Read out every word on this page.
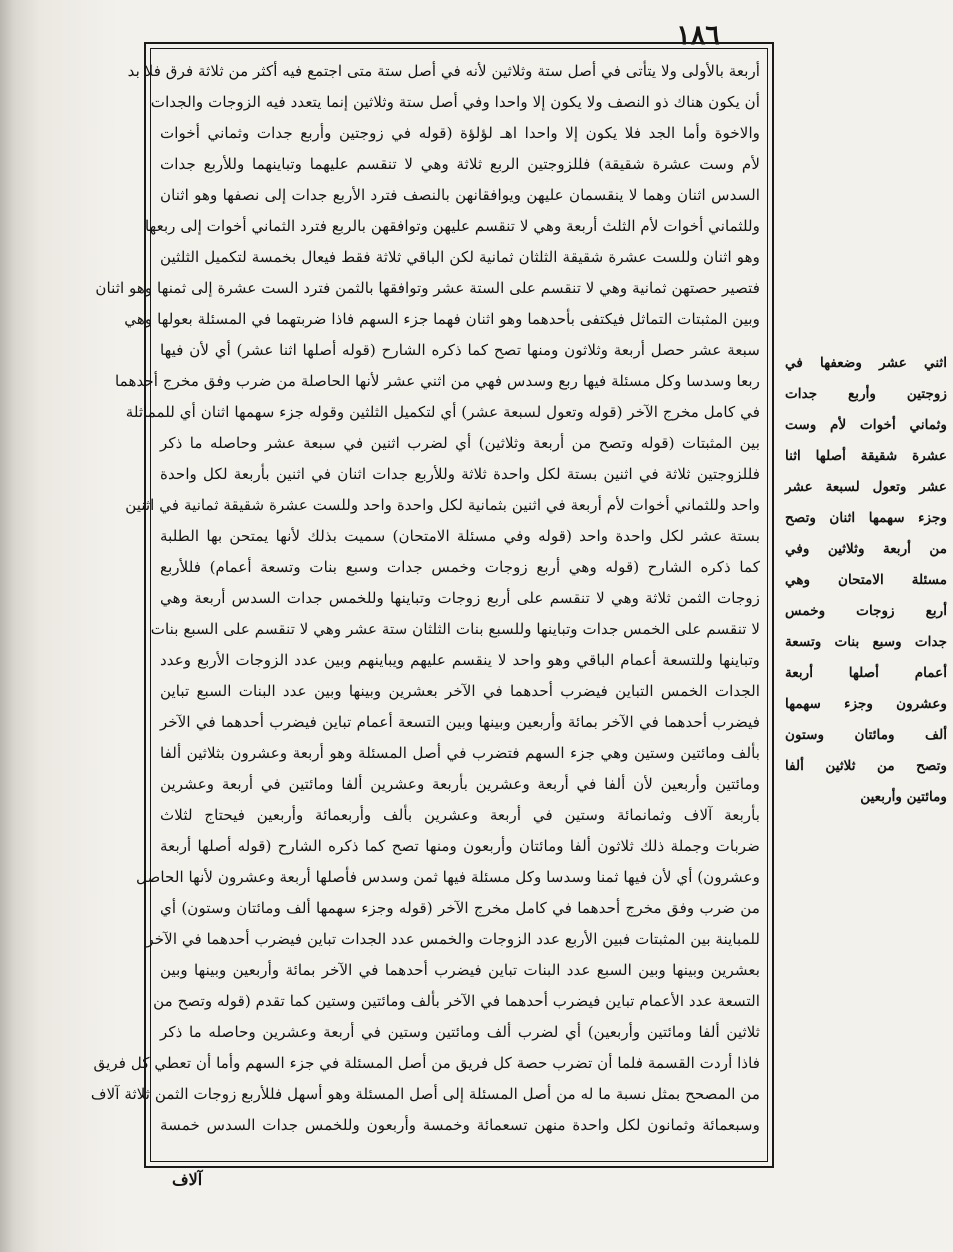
١٨٦
أربعة بالأولى ولا يتأتى في أصل ستة وثلاثين لأنه في أصل ستة متى اجتمع فيه أكثر من ثلاثة فرق فلا بد
أن يكون هناك ذو النصف ولا يكون إلا واحدا وفي أصل ستة وثلاثين إنما يتعدد فيه الزوجات والجدات
والاخوة وأما الجد فلا يكون إلا واحدا اهـ لؤلؤة (قوله في زوجتين وأربع جدات وثماني أخوات
لأم وست عشرة شقيقة) فللزوجتين الربع ثلاثة وهي لا تنقسم عليهما وتباينهما وللأربع جدات
السدس اثنان وهما لا ينقسمان عليهن ويوافقانهن بالنصف فترد الأربع جدات إلى نصفها وهو اثنان
وللثماني أخوات لأم الثلث أربعة وهي لا تنقسم عليهن وتوافقهن بالربع فترد الثماني أخوات إلى ربعها
وهو اثنان وللست عشرة شقيقة الثلثان ثمانية لكن الباقي ثلاثة فقط فيعال بخمسة لتكميل الثلثين
فتصير حصتهن ثمانية وهي لا تنقسم على الستة عشر وتوافقها بالثمن فترد الست عشرة إلى ثمنها وهو اثنان
وبين المثبتات التماثل فيكتفى بأحدهما وهو اثنان فهما جزء السهم فاذا ضربتهما في المسئلة بعولها وهي
سبعة عشر حصل أربعة وثلاثون ومنها تصح كما ذكره الشارح (قوله أصلها اثنا عشر) أي لأن فيها
ربعا وسدسا وكل مسئلة فيها ربع وسدس فهي من اثني عشر لأنها الحاصلة من ضرب وفق مخرج أحدهما
في كامل مخرج الآخر (قوله وتعول لسبعة عشر) أي لتكميل الثلثين وقوله جزء سهمها اثنان أي للمماثلة
بين المثبتات (قوله وتصح من أربعة وثلاثين) أي لضرب اثنين في سبعة عشر وحاصله ما ذكر
فللزوجتين ثلاثة في اثنين بستة لكل واحدة ثلاثة وللأربع جدات اثنان في اثنين بأربعة لكل واحدة
واحد وللثماني أخوات لأم أربعة في اثنين بثمانية لكل واحدة واحد وللست عشرة شقيقة ثمانية في اثنين
بستة عشر لكل واحدة واحد (قوله وفي مسئلة الامتحان) سميت بذلك لأنها يمتحن بها الطلبة
كما ذكره الشارح (قوله وهي أربع زوجات وخمس جدات وسبع بنات وتسعة أعمام) فللأربع
زوجات الثمن ثلاثة وهي لا تنقسم على أربع زوجات وتباينها وللخمس جدات السدس أربعة وهي
لا تنقسم على الخمس جدات وتباينها وللسبع بنات الثلثان ستة عشر وهي لا تنقسم على السبع بنات
وتباينها وللتسعة أعمام الباقي وهو واحد لا ينقسم عليهم ويباينهم وبين عدد الزوجات الأربع وعدد
الجدات الخمس التباين فيضرب أحدهما في الآخر بعشرين وبينها وبين عدد البنات السبع تباين
فيضرب أحدهما في الآخر بمائة وأربعين وبينها وبين التسعة أعمام تباين فيضرب أحدهما في الآخر
بألف ومائتين وستين وهي جزء السهم فتضرب في أصل المسئلة وهو أربعة وعشرون بثلاثين ألفا
ومائتين وأربعين لأن ألفا في أربعة وعشرين بأربعة وعشرين ألفا ومائتين في أربعة وعشرين
بأربعة آلاف وثمانمائة وستين في أربعة وعشرين بألف وأربعمائة وأربعين فيحتاج لثلاث
ضربات وجملة ذلك ثلاثون ألفا ومائتان وأربعون ومنها تصح كما ذكره الشارح (قوله أصلها أربعة
وعشرون) أي لأن فيها ثمنا وسدسا وكل مسئلة فيها ثمن وسدس فأصلها أربعة وعشرون لأنها الحاصل
من ضرب وفق مخرج أحدهما في كامل مخرج الآخر (قوله وجزء سهمها ألف ومائتان وستون) أي
للمباينة بين المثبتات فبين الأربع عدد الزوجات والخمس عدد الجدات تباين فيضرب أحدهما في الآخر
بعشرين وبينها وبين السبع عدد البنات تباين فيضرب أحدهما في الآخر بمائة وأربعين وبينها وبين
التسعة عدد الأعمام تباين فيضرب أحدهما في الآخر بألف ومائتين وستين كما تقدم (قوله وتصح من
ثلاثين ألفا ومائتين وأربعين) أي لضرب ألف ومائتين وستين في أربعة وعشرين وحاصله ما ذكر
فاذا أردت القسمة فلما أن تضرب حصة كل فريق من أصل المسئلة في جزء السهم وأما أن تعطي كل فريق
من المصحح بمثل نسبة ما له من أصل المسئلة إلى أصل المسئلة وهو أسهل فللأربع زوجات الثمن ثلاثة آلاف
وسبعمائة وثمانون لكل واحدة منهن تسعمائة وخمسة وأربعون وللخمس جدات السدس خمسة
اثني عشر وضعفها في
زوجتين وأربع جدات
وثماني أخوات لأم وست
عشرة شقيقة أصلها اثنا
عشر وتعول لسبعة عشر
وجزء سهمها اثنان وتصح
من أربعة وثلاثين وفي
مسئلة الامتحان وهي
أربع زوجات وخمس
جدات وسبع بنات وتسعة
أعمام أصلها أربعة
وعشرون وجزء سهمها
ألف ومائتان وستون
وتصح من ثلاثين ألفا
ومائتين وأربعين
آلاف
